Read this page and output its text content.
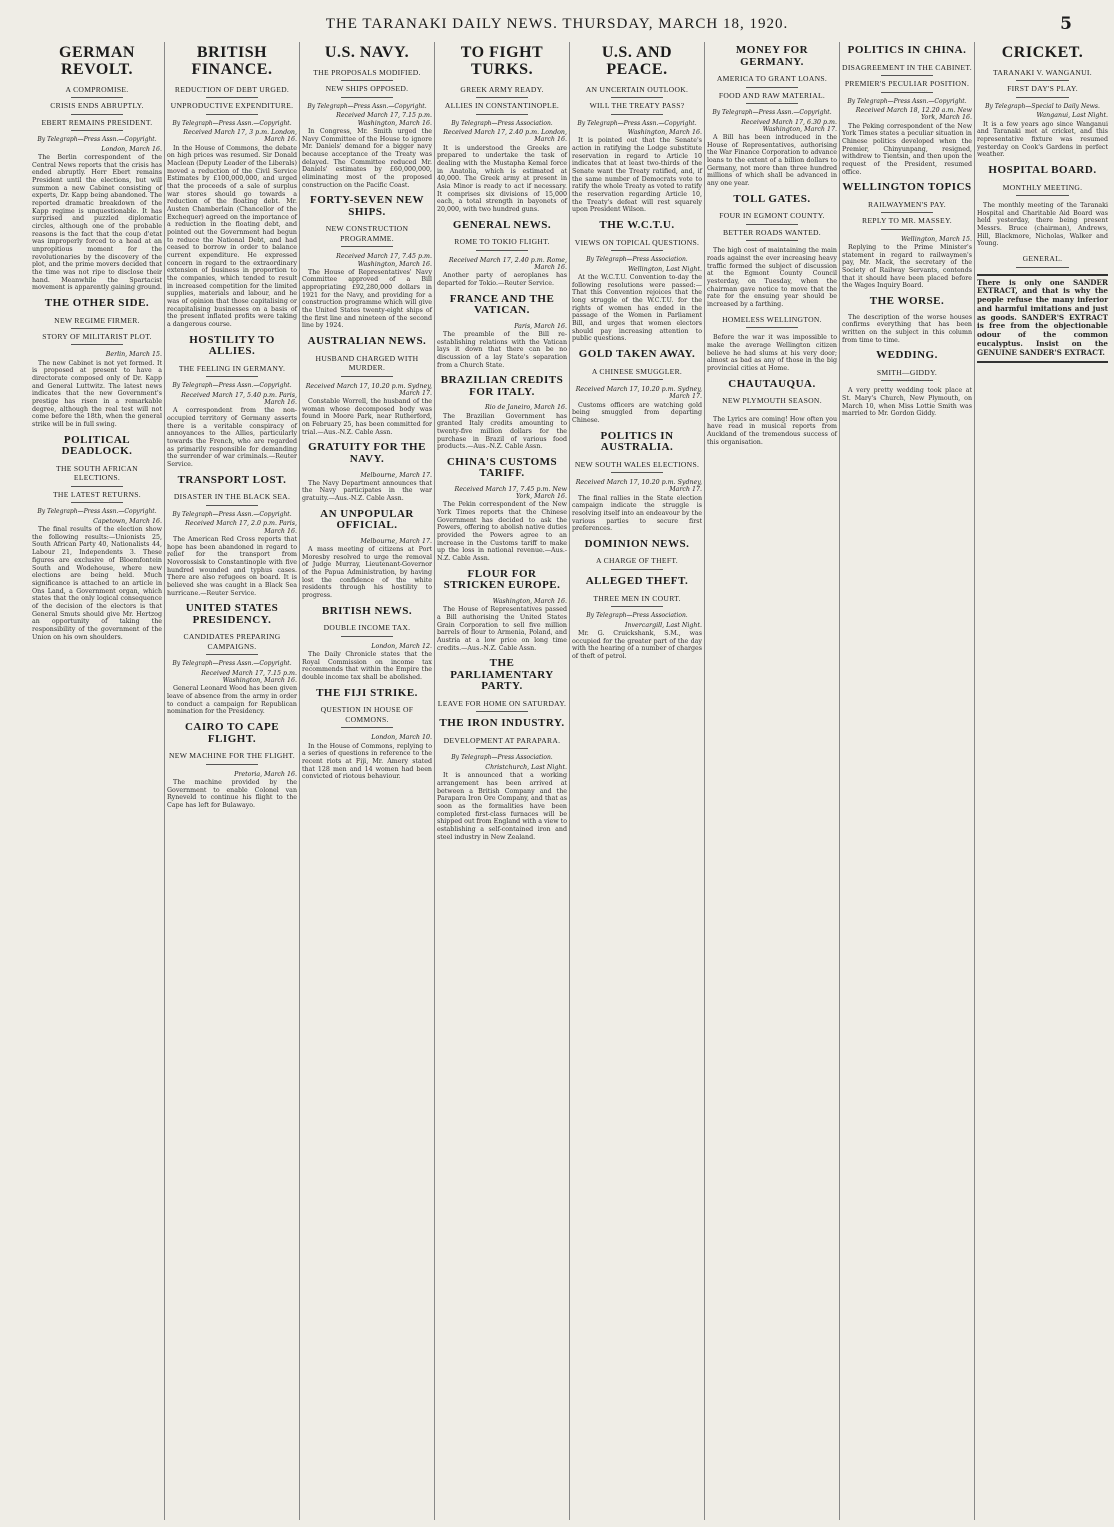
THE TARANAKI DAILY NEWS. THURSDAY, MARCH 18, 1920.	5
GERMAN REVOLT.
A COMPROMISE.
CRISIS ENDS ABRUPTLY.
EBERT REMAINS PRESIDENT.
By Telegraph—Press Assn.—Copyright.
London, March 16.

The Berlin correspondent of the Central News reports that the crisis has ended abruptly. Herr Ebert remains President until the elections, but will summon a new Cabinet consisting of experts, Dr. Kapp being abandoned. The reported dramatic breakdown of the Kapp regime is unquestionable. It has surprised and puzzled diplomatic circles, although one of the probable reasons is the fact that the coup d'etat was improperly forced to a head at an unpropitious moment for the revolutionaries by the discovery of the plot, and the prime movers decided that the time was not ripe to disclose their hand. Meanwhile the Spartacist movement is apparently gaining ground.

THE OTHER SIDE.
NEW REGIME FIRMER.
STORY OF MILITARIST PLOT.
Berlin, March 15.

The new Cabinet is not yet formed. It is proposed at present to have a directorate composed only of Dr. Kapp and General Luttwitz. The latest news indicates that the new Government's prestige has risen in a remarkable degree, although the real test will not come before the 18th, when the general strike will be in full swing.

POLITICAL DEADLOCK.
THE SOUTH AFRICAN ELECTIONS.
THE LATEST RETURNS.
By Telegraph—Press Assn.—Copyright.
Capetown, March 16.

The final results of the election show the following results:—Unionists 25, South African Party 40, Nationalists 44, Labour 21, Independents 3. These figures are exclusive of Bloemfontein South and Wodehouse, where new elections are being held. Much significance is attached to an article in Ons Land, a Government organ, which states that the only logical consequence of the decision of the electors is that General Smuts should give Mr. Hertzog an opportunity of taking the responsibility of the government of the Union on his own shoulders.

BRITISH FINANCE.
REDUCTION OF DEBT URGED.
UNPRODUCTIVE EXPENDITURE.
By Telegraph—Press Assn.—Copyright.
Received March 17, 3 p.m. London, March 16.

In the House of Commons, the debate on high prices was resumed. Sir Donald Maclean (Deputy Leader of the Liberals) moved a reduction of the Civil Service Estimates by £100,000,000, and urged that the proceeds of a sale of surplus war stores should go towards a reduction of the floating debt. Mr. Austen Chamberlain (Chancellor of the Exchequer) agreed on the importance of a reduction in the floating debt, and pointed out the Government had begun to reduce the National Debt, and had ceased to borrow in order to balance current expenditure. He expressed concern in regard to the extraordinary extension of business in proportion to the companies, which tended to result in increased competition for the limited supplies, materials and labour, and he was of opinion that those capitalising or recapitalising businesses on a basis of the present inflated profits were taking a dangerous course.

HOSTILITY TO ALLIES.
THE FEELING IN GERMANY.
By Telegraph—Press Assn.—Copyright.
Received March 17, 5.40 p.m. Paris, March 16.

A correspondent from the non-occupied territory of Germany asserts there is a veritable conspiracy of annoyances to the Allies, particularly towards the French, who are regarded as primarily responsible for demanding the surrender of war criminals.—Reuter Service.

TRANSPORT LOST.
DISASTER IN THE BLACK SEA.
By Telegraph—Press Assn.—Copyright.
Received March 17, 2.0 p.m. Paris, March 16.

The American Red Cross reports that hope has been abandoned in regard to relief for the transport from Novorossisk to Constantinople with five hundred wounded and typhus cases. There are also refugees on board. It is believed she was caught in a Black Sea hurricane.—Reuter Service.

UNITED STATES PRESIDENCY.
CANDIDATES PREPARING CAMPAIGNS.
By Telegraph—Press Assn.—Copyright.
Received March 17, 7.15 p.m. Washington, March 16.

General Leonard Wood has been given leave of absence from the army in order to conduct a campaign for Republican nomination for the Presidency.

CAIRO TO CAPE FLIGHT.
NEW MACHINE FOR THE FLIGHT.
Pretoria, March 16.

The machine provided by the Government to enable Colonel van Ryneveld to continue his flight to the Cape has left for Bulawayo.

U.S. NAVY.
THE PROPOSALS MODIFIED.
NEW SHIPS OPPOSED.
By Telegraph—Press Assn.—Copyright.
Received March 17, 7.15 p.m. Washington, March 16.

In Congress, Mr. Smith urged the Navy Committee of the House to ignore Mr. Daniels' demand for a bigger navy because acceptance of the Treaty was delayed. The Committee reduced Mr. Daniels' estimates by £60,000,000, eliminating most of the proposed construction on the Pacific Coast.

FORTY-SEVEN NEW SHIPS.
NEW CONSTRUCTION PROGRAMME.
Received March 17, 7.45 p.m. Washington, March 16.

The House of Representatives' Navy Committee approved of a Bill appropriating £92,280,000 dollars in 1921 for the Navy, and providing for a construction programme which will give the United States twenty-eight ships of the first line and nineteen of the second line by 1924.

AUSTRALIAN NEWS.
HUSBAND CHARGED WITH MURDER.
Received March 17, 10.20 p.m. Sydney, March 17.

Constable Worrell, the husband of the woman whose decomposed body was found in Moore Park, near Rutherford, on February 25, has been committed for trial.—Aus.-N.Z. Cable Assn.

GRATUITY FOR THE NAVY.
Melbourne, March 17.

The Navy Department announces that the Navy participates in the war gratuity.—Aus.-N.Z. Cable Assn.

AN UNPOPULAR OFFICIAL.
Melbourne, March 17.

A mass meeting of citizens at Port Moresby resolved to urge the removal of Judge Murray, Lieutenant-Governor of the Papua Administration, by having lost the confidence of the white residents through his hostility to progress.

BRITISH NEWS.
DOUBLE INCOME TAX.
London, March 12.

The Daily Chronicle states that the Royal Commission on income tax recommends that within the Empire the double income tax shall be abolished.

THE FIJI STRIKE.
QUESTION IN HOUSE OF COMMONS.
London, March 10.

In the House of Commons, replying to a series of questions in reference to the recent riots at Fiji, Mr. Amery stated that 128 men and 14 women had been convicted of riotous behaviour.

TO FIGHT TURKS.
GREEK ARMY READY.
ALLIES IN CONSTANTINOPLE.
By Telegraph—Press Association.
Received March 17, 2.40 p.m. London, March 16.

It is understood the Greeks are prepared to undertake the task of dealing with the Mustapha Kemal force in Anatolia, which is estimated at 40,000. The Greek army at present in Asia Minor is ready to act if necessary. It comprises six divisions of 15,000 each, a total strength in bayonets of 20,000, with two hundred guns.

GENERAL NEWS.
ROME TO TOKIO FLIGHT.
Received March 17, 2.40 p.m. Rome, March 16.

Another party of aeroplanes has departed for Tokio.—Reuter Service.

FRANCE AND THE VATICAN.
Paris, March 16.

The preamble of the Bill re-establishing relations with the Vatican lays it down that there can be no discussion of a lay State's separation from a Church State.

BRAZILIAN CREDITS FOR ITALY.
Rio de Janeiro, March 16.

The Brazilian Government has granted Italy credits amounting to twenty-five million dollars for the purchase in Brazil of various food products.—Aus.-N.Z. Cable Assn.

CHINA'S CUSTOMS TARIFF.
Received March 17, 7.45 p.m. New York, March 16.

The Pekin correspondent of the New York Times reports that the Chinese Government has decided to ask the Powers, offering to abolish native duties provided the Powers agree to an increase in the Customs tariff to make up the loss in national revenue.—Aus.-N.Z. Cable Assn.

FLOUR FOR STRICKEN EUROPE.
Washington, March 16.

The House of Representatives passed a Bill authorising the United States Grain Corporation to sell five million barrels of flour to Armenia, Poland, and Austria at a low price on long time credits.—Aus.-N.Z. Cable Assn.

THE PARLIAMENTARY PARTY.
LEAVE FOR HOME ON SATURDAY.
THE IRON INDUSTRY.
DEVELOPMENT AT PARAPARA.
By Telegraph—Press Association.
Christchurch, Last Night.

It is announced that a working arrangement has been arrived at between a British Company and the Parapara Iron Ore Company, and that as soon as the formalities have been completed first-class furnaces will be shipped out from England with a view to establishing a self-contained iron and steel industry in New Zealand.

U.S. AND PEACE.
AN UNCERTAIN OUTLOOK.
WILL THE TREATY PASS?
By Telegraph—Press Assn.—Copyright.
Washington, March 16.

It is pointed out that the Senate's action in ratifying the Lodge substitute reservation in regard to Article 10 indicates that at least two-thirds of the Senate want the Treaty ratified, and, if the same number of Democrats vote to ratify the whole Treaty as voted to ratify the reservation regarding Article 10, the Treaty's defeat will rest squarely upon President Wilson.

THE W.C.T.U.
VIEWS ON TOPICAL QUESTIONS.
By Telegraph—Press Association.
Wellington, Last Night.

At the W.C.T.U. Convention to-day the following resolutions were passed:—That this Convention rejoices that the long struggle of the W.C.T.U. for the rights of women has ended in the passage of the Women in Parliament Bill, and urges that women electors should pay increasing attention to public questions.

GOLD TAKEN AWAY.
A CHINESE SMUGGLER.
Received March 17, 10.20 p.m. Sydney, March 17.

Customs officers are watching gold being smuggled from departing Chinese.

POLITICS IN AUSTRALIA.
NEW SOUTH WALES ELECTIONS.
Received March 17, 10.20 p.m. Sydney, March 17.

The final rallies in the State election campaign indicate the struggle is resolving itself into an endeavour by the various parties to secure first preferences.

DOMINION NEWS.
A CHARGE OF THEFT.
ALLEGED THEFT.
THREE MEN IN COURT.
By Telegraph—Press Association.
Invercargill, Last Night.

Mr. G. Cruickshank, S.M., was occupied for the greater part of the day with the hearing of a number of charges of theft of petrol.

MONEY FOR GERMANY.
AMERICA TO GRANT LOANS.
FOOD AND RAW MATERIAL.
By Telegraph—Press Assn.—Copyright.
Received March 17, 6.30 p.m. Washington, March 17.

A Bill has been introduced in the House of Representatives, authorising the War Finance Corporation to advance loans to the extent of a billion dollars to Germany, not more than three hundred millions of which shall be advanced in any one year.

TOLL GATES.
FOUR IN EGMONT COUNTY.
BETTER ROADS WANTED.

The high cost of maintaining the main roads against the ever increasing heavy traffic formed the subject of discussion at the Egmont County Council yesterday, on Tuesday, when the chairman gave notice to move that the rate for the ensuing year should be increased by a farthing.

HOMELESS WELLINGTON.

Before the war it was impossible to make the average Wellington citizen believe he had slums at his very door; almost as bad as any of those in the big provincial cities at Home.

CHAUTAUQUA.
NEW PLYMOUTH SEASON.

The Lyrics are coming! How often you have read in musical reports from Auckland of the tremendous success of this organisation.

POLITICS IN CHINA.
DISAGREEMENT IN THE CABINET.
PREMIER'S PECULIAR POSITION.
By Telegraph—Press Assn.—Copyright.
Received March 18, 12.20 a.m. New York, March 16.

The Peking correspondent of the New York Times states a peculiar situation in Chinese politics developed when the Premier, Chinyunpang, resigned, withdrew to Tientsin, and then upon the request of the President, resumed office.

WELLINGTON TOPICS
RAILWAYMEN'S PAY.
REPLY TO MR. MASSEY.
Wellington, March 15.

Replying to the Prime Minister's statement in regard to railwaymen's pay, Mr. Mack, the secretary of the Society of Railway Servants, contends that it should have been placed before the Wages Inquiry Board.

THE WORSE.

The description of the worse houses confirms everything that has been written on the subject in this column from time to time.

WEDDING.
SMITH—GIDDY.

A very pretty wedding took place at St. Mary's Church, New Plymouth, on March 10, when Miss Lottie Smith was married to Mr. Gordon Giddy.

CRICKET.
TARANAKI V. WANGANUI.
FIRST DAY'S PLAY.
By Telegraph—Special to Daily News.
Wanganui, Last Night.

It is a few years ago since Wanganui and Taranaki met at cricket, and this representative fixture was resumed yesterday on Cook's Gardens in perfect weather.

HOSPITAL BOARD.
MONTHLY MEETING.

The monthly meeting of the Taranaki Hospital and Charitable Aid Board was held yesterday, there being present Messrs. Bruce (chairman), Andrews, Hill, Blackmore, Nicholas, Walker and Young.

GENERAL.

There is only one SANDER EXTRACT, and that is why the people refuse the many inferior and harmful imitations and just as goods. SANDER'S EXTRACT is free from the objectionable odour of the common eucalyptus. Insist on the GENUINE SANDER'S EXTRACT.
